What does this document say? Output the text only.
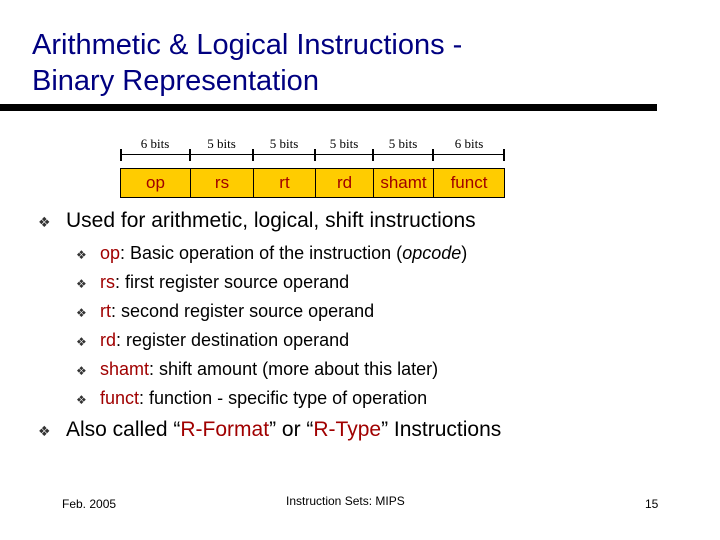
Arithmetic & Logical Instructions -
Binary Representation
6 bits	5 bits	5 bits	5 bits	5 bits	6 bits
op	rs	rt	rd	shamt	funct
❖ Used for arithmetic, logical, shift instructions
❖ op: Basic operation of the instruction (opcode)
❖ rs: first register source operand
❖ rt: second register source operand
❖ rd: register destination operand
❖ shamt: shift amount (more about this later)
❖ funct: function - specific type of operation
❖ Also called “R-Format” or “R-Type” Instructions
Feb. 2005	Instruction Sets: MIPS	15
